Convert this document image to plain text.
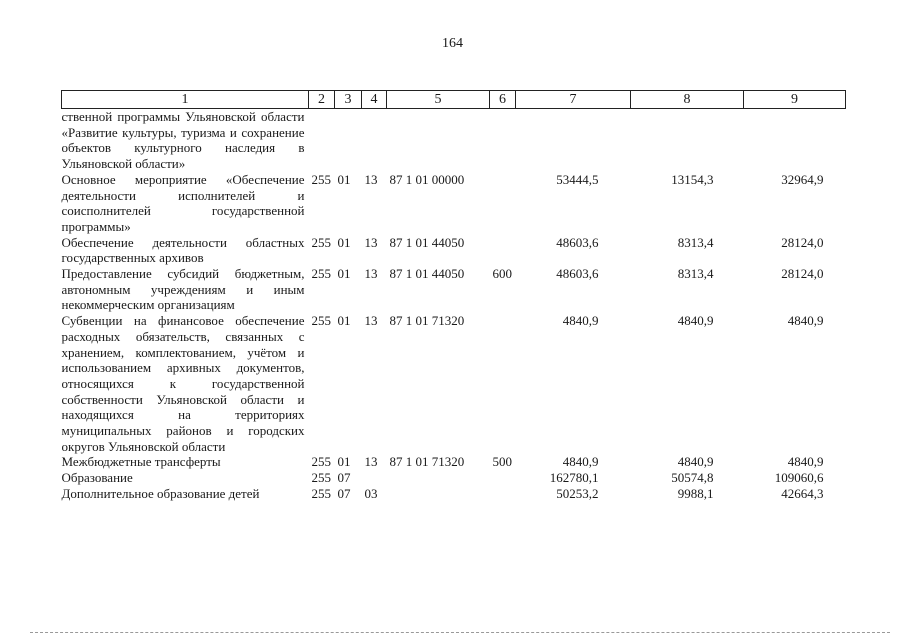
164
1	2	3	4	5	6	7	8	9
ственной программы Ульяновской области «Развитие культуры, туризма и сохранение объектов культурного наследия в Ульяновской области»								
Основное мероприятие «Обеспечение деятельности исполнителей и соисполнителей государственной программы»	255	01	13	87 1 01 00000		53444,5	13154,3	32964,9
Обеспечение деятельности областных государственных архивов	255	01	13	87 1 01 44050		48603,6	8313,4	28124,0
Предоставление субсидий бюджетным, автономным учреждениям и иным некоммерческим организациям	255	01	13	87 1 01 44050	600	48603,6	8313,4	28124,0
Субвенции на финансовое обеспечение расходных обязательств, связанных с хранением, комплектованием, учётом и использованием архивных документов, относящихся к государственной собственности Ульяновской области и находящихся на территориях муниципальных районов и городских округов Ульяновской области	255	01	13	87 1 01 71320		4840,9	4840,9	4840,9
Межбюджетные трансферты	255	01	13	87 1 01 71320	500	4840,9	4840,9	4840,9
Образование	255	07				162780,1	50574,8	109060,6
Дополнительное образование детей	255	07	03			50253,2	9988,1	42664,3
